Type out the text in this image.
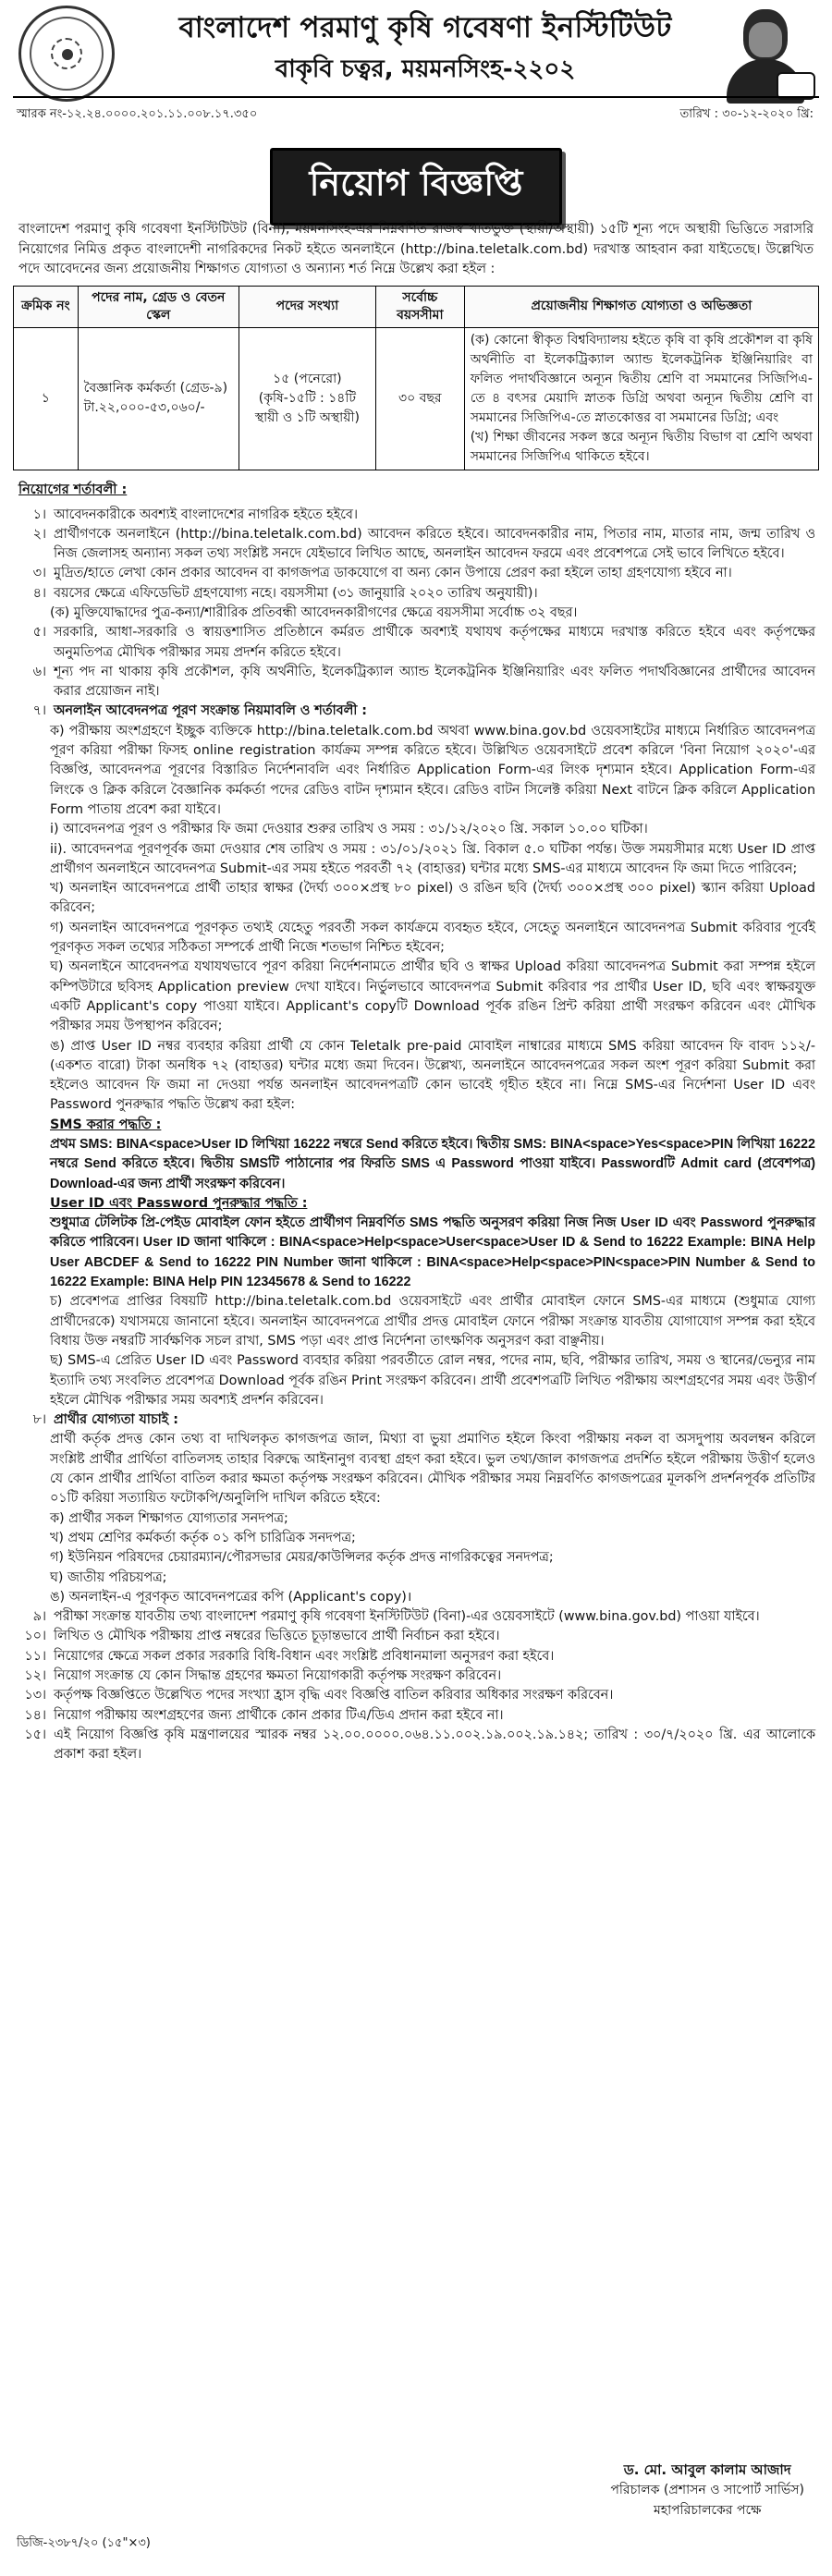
বাংলাদেশ পরমাণু কৃষি গবেষণা ইনস্টিটিউট
বাকৃবি চত্বর, ময়মনসিংহ-২২০২
স্মারক নং-১২.২৪.০০০০.২০১.১১.০০৮.১৭.৩৫০	তারিখ : ৩০-১২-২০২০ খ্রি:
নিয়োগ বিজ্ঞপ্তি
বাংলাদেশ পরমাণু কৃষি গবেষণা ইনস্টিটিউট (বিনা), ময়মনসিংহ-এর নিম্নবর্ণিত রাজস্ব খাতভুক্ত (স্থায়ী/অস্থায়ী) ১৫টি শূন্য পদে অস্থায়ী ভিত্তিতে সরাসরি নিয়োগের নিমিত্ত প্রকৃত বাংলাদেশী নাগরিকদের নিকট হইতে অনলাইনে (http://bina.teletalk.com.bd) দরখাস্ত আহবান করা যাইতেছে। উল্লেখিত পদে আবেদনের জন্য প্রয়োজনীয় শিক্ষাগত যোগ্যতা ও অন্যান্য শর্ত নিম্নে উল্লেখ করা হইল :
ক্রমিক নং	পদের নাম, গ্রেড ও বেতন স্কেল	পদের সংখ্যা	সর্বোচ্চ বয়সসীমা	প্রয়োজনীয় শিক্ষাগত যোগ্যতা ও অভিজ্ঞতা
১	বৈজ্ঞানিক কর্মকর্তা (গ্রেড-৯) টা.২২,০০০-৫৩,০৬০/-	১৫ (পনেরো) (কৃষি-১৫টি : ১৪টি স্থায়ী ও ১টি অস্থায়ী)	৩০ বছর	(ক) কোনো স্বীকৃত বিশ্ববিদ্যালয় হইতে কৃষি বা কৃষি প্রকৌশল বা কৃষি অর্থনীতি বা ইলেকট্রিক্যাল অ্যান্ড ইলেকট্রনিক ইঞ্জিনিয়ারিং বা ফলিত পদার্থবিজ্ঞানে অন্যূন দ্বিতীয় শ্রেণি বা সমমানের সিজিপিএ-তে ৪ বৎসর মেয়াদি স্নাতক ডিগ্রি অথবা অন্যূন দ্বিতীয় শ্রেণি বা সমমানের সিজিপিএ-তে স্নাতকোত্তর বা সমমানের ডিগ্রি; এবং
(খ) শিক্ষা জীবনের সকল স্তরে অন্যূন দ্বিতীয় বিভাগ বা শ্রেণি অথবা সমমানের সিজিপিএ থাকিতে হইবে।
নিয়োগের শর্তাবলী :
১। আবেদনকারীকে অবশ্যই বাংলাদেশের নাগরিক হইতে হইবে।
২। প্রার্থীগণকে অনলাইনে (http://bina.teletalk.com.bd) আবেদন করিতে হইবে। আবেদনকারীর নাম, পিতার নাম, মাতার নাম, জন্ম তারিখ ও নিজ জেলাসহ অন্যান্য সকল তথ্য সংশ্লিষ্ট সনদে যেইভাবে লিখিত আছে, অনলাইন আবেদন ফরমে এবং প্রবেশপত্রে সেই ভাবে লিখিতে হইবে।
৩। মুদ্রিত/হাতে লেখা কোন প্রকার আবেদন বা কাগজপত্র ডাকযোগে বা অন্য কোন উপায়ে প্রেরণ করা হইলে তাহা গ্রহণযোগ্য হইবে না।
৪। বয়সের ক্ষেত্রে এফিডেভিট গ্রহণযোগ্য নহে। বয়সসীমা (৩১ জানুয়ারি ২০২০ তারিখ অনুযায়ী)।
(ক) মুক্তিযোদ্ধাদের পুত্র-কন্যা/শারীরিক প্রতিবন্ধী আবেদনকারীগণের ক্ষেত্রে বয়সসীমা সর্বোচ্চ ৩২ বছর।
৫। সরকারি, আধা-সরকারি ও স্বায়ত্তশাসিত প্রতিষ্ঠানে কর্মরত প্রার্থীকে অবশ্যই যথাযথ কর্তৃপক্ষের মাধ্যমে দরখাস্ত করিতে হইবে এবং কর্তৃপক্ষের অনুমতিপত্র মৌখিক পরীক্ষার সময় প্রদর্শন করিতে হইবে।
৬। শূন্য পদ না থাকায় কৃষি প্রকৌশল, কৃষি অর্থনীতি, ইলেকট্রিক্যাল অ্যান্ড ইলেকট্রনিক ইঞ্জিনিয়ারিং এবং ফলিত পদার্থবিজ্ঞানের প্রার্থীদের আবেদন করার প্রয়োজন নাই।
৭। অনলাইন আবেদনপত্র পূরণ সংক্রান্ত নিয়মাবলি ও শর্তাবলী :
ক) পরীক্ষায় অংশগ্রহণে ইচ্ছুক ব্যক্তিকে http://bina.teletalk.com.bd অথবা www.bina.gov.bd ওয়েবসাইটের মাধ্যমে নির্ধারিত আবেদনপত্র পূরণ করিয়া পরীক্ষা ফিসহ online registration কার্যক্রম সম্পন্ন করিতে হইবে। উল্লিখিত ওয়েবসাইটে প্রবেশ করিলে 'বিনা নিয়োগ ২০২০'-এর বিজ্ঞপ্তি, আবেদনপত্র পূরণের বিস্তারিত নির্দেশনাবলি এবং নির্ধারিত Application Form-এর লিংক দৃশ্যমান হইবে। Application Form-এর লিংকে ও ক্লিক করিলে বৈজ্ঞানিক কর্মকর্তা পদের রেডিও বাটন দৃশ্যমান হইবে। রেডিও বাটন সিলেক্ট করিয়া Next বাটনে ক্লিক করিলে Application Form পাতায় প্রবেশ করা যাইবে।
i) আবেদনপত্র পূরণ ও পরীক্ষার ফি জমা দেওয়ার শুরুর তারিখ ও সময় : ৩১/১২/২০২০ খ্রি. সকাল ১০.০০ ঘটিকা।
ii). আবেদনপত্র পূরণপূর্বক জমা দেওয়ার শেষ তারিখ ও সময় : ৩১/০১/২০২১ খ্রি. বিকাল ৫.০ ঘটিকা পর্যন্ত। উক্ত সময়সীমার মধ্যে User ID প্রাপ্ত প্রার্থীগণ অনলাইনে আবেদনপত্র Submit-এর সময় হইতে পরবর্তী ৭২ (বাহাত্তর) ঘন্টার মধ্যে SMS-এর মাধ্যমে আবেদন ফি জমা দিতে পারিবেন;
খ) অনলাইন আবেদনপত্রে প্রার্থী তাহার স্বাক্ষর (দৈর্ঘ্য ৩০০×প্রস্থ ৮০ pixel) ও রঙিন ছবি (দৈর্ঘ্য ৩০০×প্রস্থ ৩০০ pixel) স্ক্যান করিয়া Upload করিবেন;
গ) অনলাইন আবেদনপত্রে পূরণকৃত তথ্যই যেহেতু পরবর্তী সকল কার্যক্রমে ব্যবহৃত হইবে, সেহেতু অনলাইনে আবেদনপত্র Submit করিবার পূর্বেই পূরণকৃত সকল তথ্যের সঠিকতা সম্পর্কে প্রার্থী নিজে শতভাগ নিশ্চিত হইবেন;
ঘ) অনলাইনে আবেদনপত্র যথাযথভাবে পূরণ করিয়া নির্দেশনামতে প্রার্থীর ছবি ও স্বাক্ষর Upload করিয়া আবেদনপত্র Submit করা সম্পন্ন হইলে কম্পিউটারে ছবিসহ Application preview দেখা যাইবে। নির্ভুলভাবে আবেদনপত্র Submit করিবার পর প্রার্থীর User ID, ছবি এবং স্বাক্ষরযুক্ত একটি Applicant's copy পাওয়া যাইবে। Applicant's copyটি Download পূর্বক রঙিন প্রিন্ট করিয়া প্রার্থী সংরক্ষণ করিবেন এবং মৌখিক পরীক্ষার সময় উপস্থাপন করিবেন;
ঙ) প্রাপ্ত User ID নম্বর ব্যবহার করিয়া প্রার্থী যে কোন Teletalk pre-paid মোবাইল নাম্বারের মাধ্যমে SMS করিয়া আবেদন ফি বাবদ ১১২/- (একশত বারো) টাকা অনধিক ৭২ (বাহাত্তর) ঘন্টার মধ্যে জমা দিবেন। উল্লেখ্য, অনলাইনে আবেদনপত্রের সকল অংশ পূরণ করিয়া Submit করা হইলেও আবেদন ফি জমা না দেওয়া পর্যন্ত অনলাইন আবেদনপত্রটি কোন ভাবেই গৃহীত হইবে না। নিম্নে SMS-এর নির্দেশনা User ID এবং Password পুনরুদ্ধার পদ্ধতি উল্লেখ করা হইল:
SMS করার পদ্ধতি :
প্রথম SMS: BINA<space>User ID লিখিয়া 16222 নম্বরে Send করিতে হইবে। দ্বিতীয় SMS: BINA<space>Yes<space>PIN লিখিয়া 16222 নম্বরে Send করিতে হইবে। দ্বিতীয় SMSটি পাঠানোর পর ফিরতি SMS এ Password পাওয়া যাইবে। Passwordটি Admit card (প্রবেশপত্র) Download-এর জন্য প্রার্থী সংরক্ষণ করিবেন।
User ID এবং Password পুনরুদ্ধার পদ্ধতি :
শুধুমাত্র টেলিটক প্রি-পেইড মোবাইল ফোন হইতে প্রার্থীগণ নিম্নবর্ণিত SMS পদ্ধতি অনুসরণ করিয়া নিজ নিজ User ID এবং Password পুনরুদ্ধার করিতে পারিবেন। User ID জানা থাকিলে : BINA<space>Help<space>User<space>User ID & Send to 16222 Example: BINA Help User ABCDEF & Send to 16222 PIN Number জানা থাকিলে : BINA<space>Help<space>PIN<space>PIN Number & Send to 16222 Example: BINA Help PIN 12345678 & Send to 16222
চ) প্রবেশপত্র প্রাপ্তির বিষয়টি http://bina.teletalk.com.bd ওয়েবসাইটে এবং প্রার্থীর মোবাইল ফোনে SMS-এর মাধ্যমে (শুধুমাত্র যোগ্য প্রার্থীদেরকে) যথাসময়ে জানানো হইবে। অনলাইন আবেদনপত্রে প্রার্থীর প্রদত্ত মোবাইল ফোনে পরীক্ষা সংক্রান্ত যাবতীয় যোগাযোগ সম্পন্ন করা হইবে বিধায় উক্ত নম্বরটি সার্বক্ষণিক সচল রাখা, SMS পড়া এবং প্রাপ্ত নির্দেশনা তাৎক্ষণিক অনুসরণ করা বাঞ্ছনীয়।
ছ) SMS-এ প্রেরিত User ID এবং Password ব্যবহার করিয়া পরবর্তীতে রোল নম্বর, পদের নাম, ছবি, পরীক্ষার তারিখ, সময় ও স্থানের/ভেন্যুর নাম ইত্যাদি তথ্য সংবলিত প্রবেশপত্র Download পূর্বক রঙিন Print সংরক্ষণ করিবেন। প্রার্থী প্রবেশপত্রটি লিখিত পরীক্ষায় অংশগ্রহণের সময় এবং উত্তীর্ণ হইলে মৌখিক পরীক্ষার সময় অবশ্যই প্রদর্শন করিবেন।
৮। প্রার্থীর যোগ্যতা যাচাই :
প্রার্থী কর্তৃক প্রদত্ত কোন তথ্য বা দাখিলকৃত কাগজপত্র জাল, মিথ্যা বা ভুয়া প্রমাণিত হইলে কিংবা পরীক্ষায় নকল বা অসদুপায় অবলম্বন করিলে সংশ্লিষ্ট প্রার্থীর প্রার্থিতা বাতিলসহ তাহার বিরুদ্ধে আইনানুগ ব্যবস্থা গ্রহণ করা হইবে। ভুল তথ্য/জাল কাগজপত্র প্রদর্শিত হইলে পরীক্ষায় উত্তীর্ণ হলেও যে কোন প্রার্থীর প্রার্থিতা বাতিল করার ক্ষমতা কর্তৃপক্ষ সংরক্ষণ করিবেন। মৌখিক পরীক্ষার সময় নিম্নবর্ণিত কাগজপত্রের মূলকপি প্রদর্শনপূর্বক প্রতিটির ০১টি করিয়া সত্যায়িত ফটোকপি/অনুলিপি দাখিল করিতে হইবে:
ক) প্রার্থীর সকল শিক্ষাগত যোগ্যতার সনদপত্র;
খ) প্রথম শ্রেণির কর্মকর্তা কর্তৃক ০১ কপি চারিত্রিক সনদপত্র;
গ) ইউনিয়ন পরিষদের চেয়ারম্যান/পৌরসভার মেয়র/কাউন্সিলর কর্তৃক প্রদত্ত নাগরিকত্বের সনদপত্র;
ঘ) জাতীয় পরিচয়পত্র;
ঙ) অনলাইন-এ পূরণকৃত আবেদনপত্রের কপি (Applicant's copy)।
৯। পরীক্ষা সংক্রান্ত যাবতীয় তথ্য বাংলাদেশ পরমাণু কৃষি গবেষণা ইনস্টিটিউট (বিনা)-এর ওয়েবসাইটে (www.bina.gov.bd) পাওয়া যাইবে।
১০। লিখিত ও মৌখিক পরীক্ষায় প্রাপ্ত নম্বরের ভিত্তিতে চূড়ান্তভাবে প্রার্থী নির্বাচন করা হইবে।
১১। নিয়োগের ক্ষেত্রে সকল প্রকার সরকারি বিধি-বিধান এবং সংশ্লিষ্ট প্রবিধানমালা অনুসরণ করা হইবে।
১২। নিয়োগ সংক্রান্ত যে কোন সিদ্ধান্ত গ্রহণের ক্ষমতা নিয়োগকারী কর্তৃপক্ষ সংরক্ষণ করিবেন।
১৩। কর্তৃপক্ষ বিজ্ঞপ্তিতে উল্লেখিত পদের সংখ্যা হ্রাস বৃদ্ধি এবং বিজ্ঞপ্তি বাতিল করিবার অধিকার সংরক্ষণ করিবেন।
১৪। নিয়োগ পরীক্ষায় অংশগ্রহণের জন্য প্রার্থীকে কোন প্রকার টিএ/ডিএ প্রদান করা হইবে না।
১৫। এই নিয়োগ বিজ্ঞপ্তি কৃষি মন্ত্রণালয়ের স্মারক নম্বর ১২.০০.০০০০.০৬৪.১১.০০২.১৯.০০২.১৯.১৪২; তারিখ : ৩০/৭/২০২০ খ্রি. এর আলোকে প্রকাশ করা হইল।
ড. মো. আবুল কালাম আজাদ
পরিচালক (প্রশাসন ও সাপোর্ট সার্ভিস)
মহাপরিচালকের পক্ষে
ডিজি-২৩৮৭/২০ (১৫"×৩)
